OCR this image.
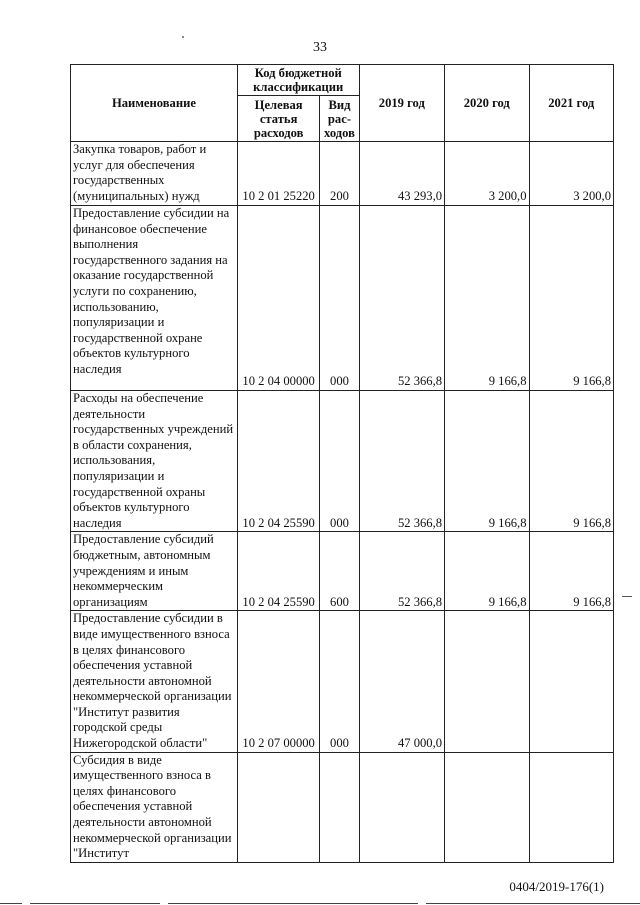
33
Наименование	Код бюджетной классификации		2019 год	2020 год	2021 год
	Целевая статья расходов	Вид рас-ходов			
Закупка товаров, работ и услуг для обеспечения государственных (муниципальных) нужд	10 2 01 25220	200	43 293,0	3 200,0	3 200,0
Предоставление субсидии на финансовое обеспечение выполнения государственного задания на оказание государственной услуги по сохранению, использованию, популяризации и государственной охране объектов культурного наследия	10 2 04 00000	000	52 366,8	9 166,8	9 166,8
Расходы на обеспечение деятельности государственных учреждений в области сохранения, использования, популяризации и государственной охраны объектов культурного наследия	10 2 04 25590	000	52 366,8	9 166,8	9 166,8
Предоставление субсидий бюджетным, автономным учреждениям и иным некоммерческим организациям	10 2 04 25590	600	52 366,8	9 166,8	9 166,8
Предоставление субсидии в виде имущественного взноса в целях финансового обеспечения уставной деятельности автономной некоммерческой организации "Институт развития городской среды Нижегородской области"	10 2 07 00000	000	47 000,0		
Субсидия в виде имущественного взноса в целях финансового обеспечения уставной деятельности автономной некоммерческой организации "Институт					
0404/2019-176(1)
